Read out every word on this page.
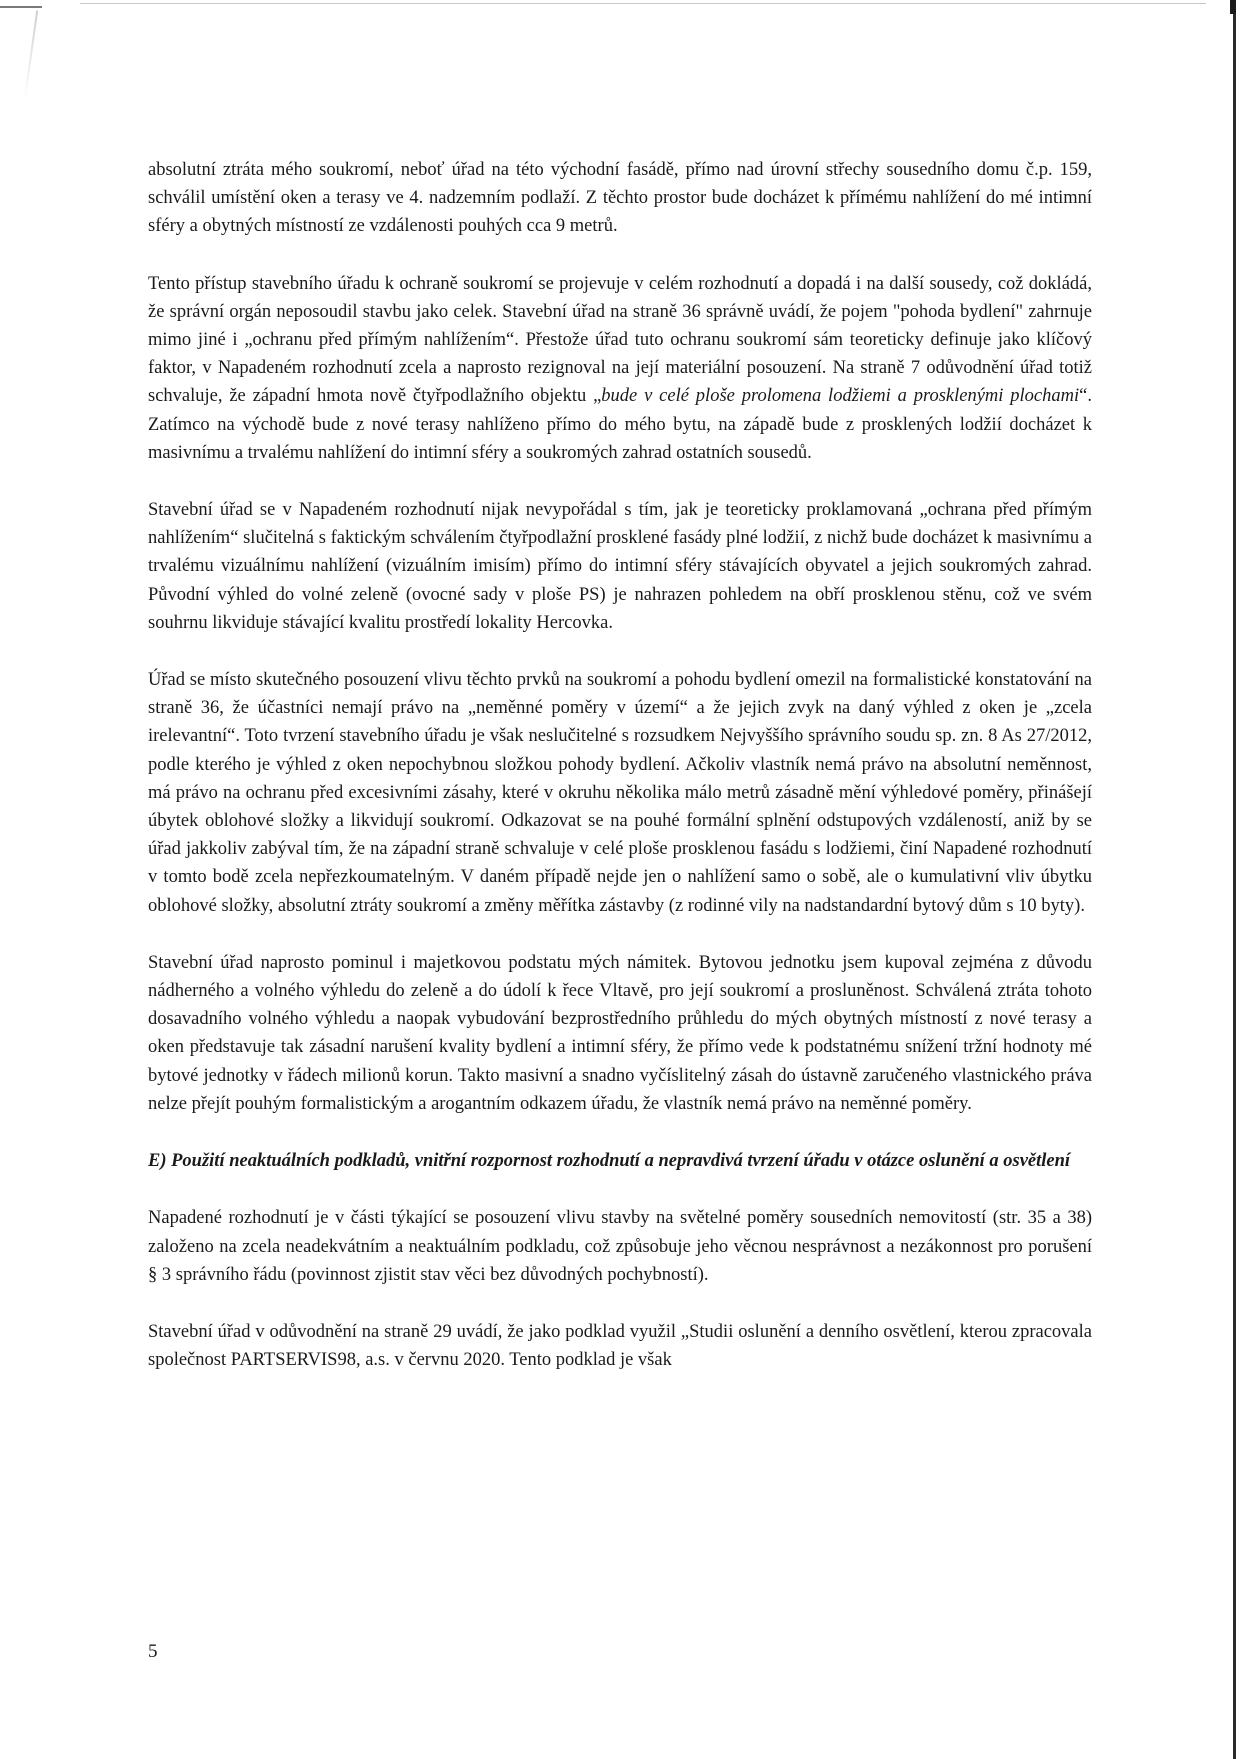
absolutní ztráta mého soukromí, neboť úřad na této východní fasádě, přímo nad úrovní střechy sousedního domu č.p. 159, schválil umístění oken a terasy ve 4. nadzemním podlaží. Z těchto prostor bude docházet k přímému nahlížení do mé intimní sféry a obytných místností ze vzdálenosti pouhých cca 9 metrů.

Tento přístup stavebního úřadu k ochraně soukromí se projevuje v celém rozhodnutí a dopadá i na další sousedy, což dokládá, že správní orgán neposoudil stavbu jako celek. Stavební úřad na straně 36 správně uvádí, že pojem "pohoda bydlení" zahrnuje mimo jiné i „ochranu před přímým nahlížením“. Přestože úřad tuto ochranu soukromí sám teoreticky definuje jako klíčový faktor, v Napadeném rozhodnutí zcela a naprosto rezignoval na její materiální posouzení. Na straně 7 odůvodnění úřad totiž schvaluje, že západní hmota nově čtyřpodlažního objektu „bude v celé ploše prolomena lodžiemi a prosklenými plochami“. Zatímco na východě bude z nové terasy nahlíženo přímo do mého bytu, na západě bude z prosklených lodžií docházet k masivnímu a trvalému nahlížení do intimní sféry a soukromých zahrad ostatních sousedů.

Stavební úřad se v Napadeném rozhodnutí nijak nevypořádal s tím, jak je teoreticky proklamovaná „ochrana před přímým nahlížením“ slučitelná s faktickým schválením čtyřpodlažní prosklené fasády plné lodžií, z nichž bude docházet k masivnímu a trvalému vizuálnímu nahlížení (vizuálním imisím) přímo do intimní sféry stávajících obyvatel a jejich soukromých zahrad. Původní výhled do volné zeleně (ovocné sady v ploše PS) je nahrazen pohledem na obří prosklenou stěnu, což ve svém souhrnu likviduje stávající kvalitu prostředí lokality Hercovka.

Úřad se místo skutečného posouzení vlivu těchto prvků na soukromí a pohodu bydlení omezil na formalistické konstatování na straně 36, že účastníci nemají právo na „neměnné poměry v území“ a že jejich zvyk na daný výhled z oken je „zcela irelevantní“. Toto tvrzení stavebního úřadu je však neslučitelné s rozsudkem Nejvyššího správního soudu sp. zn. 8 As 27/2012, podle kterého je výhled z oken nepochybnou složkou pohody bydlení. Ačkoliv vlastník nemá právo na absolutní neměnnost, má právo na ochranu před excesivními zásahy, které v okruhu několika málo metrů zásadně mění výhledové poměry, přinášejí úbytek oblohové složky a likvidují soukromí. Odkazovat se na pouhé formální splnění odstupových vzdáleností, aniž by se úřad jakkoliv zabýval tím, že na západní straně schvaluje v celé ploše prosklenou fasádu s lodžiemi, činí Napadené rozhodnutí v tomto bodě zcela nepřezkoumatelným. V daném případě nejde jen o nahlížení samo o sobě, ale o kumulativní vliv úbytku oblohové složky, absolutní ztráty soukromí a změny měřítka zástavby (z rodinné vily na nadstandardní bytový dům s 10 byty).

Stavební úřad naprosto pominul i majetkovou podstatu mých námitek. Bytovou jednotku jsem kupoval zejména z důvodu nádherného a volného výhledu do zeleně a do údolí k řece Vltavě, pro její soukromí a prosluněnost. Schválená ztráta tohoto dosavadního volného výhledu a naopak vybudování bezprostředního průhledu do mých obytných místností z nové terasy a oken představuje tak zásadní narušení kvality bydlení a intimní sféry, že přímo vede k podstatnému snížení tržní hodnoty mé bytové jednotky v řádech milionů korun. Takto masivní a snadno vyčíslitelný zásah do ústavně zaručeného vlastnického práva nelze přejít pouhým formalistickým a arogantním odkazem úřadu, že vlastník nemá právo na neměnné poměry.

E) Použití neaktuálních podkladů, vnitřní rozpornost rozhodnutí a nepravdivá tvrzení úřadu v otázce oslunění a osvětlení

Napadené rozhodnutí je v části týkající se posouzení vlivu stavby na světelné poměry sousedních nemovitostí (str. 35 a 38) založeno na zcela neadekvátním a neaktuálním podkladu, což způsobuje jeho věcnou nesprávnost a nezákonnost pro porušení § 3 správního řádu (povinnost zjistit stav věci bez důvodných pochybností).

Stavební úřad v odůvodnění na straně 29 uvádí, že jako podklad využil „Studii oslunění a denního osvětlení, kterou zpracovala společnost PARTSERVIS98, a.s. v červnu 2020. Tento podklad je však

5
